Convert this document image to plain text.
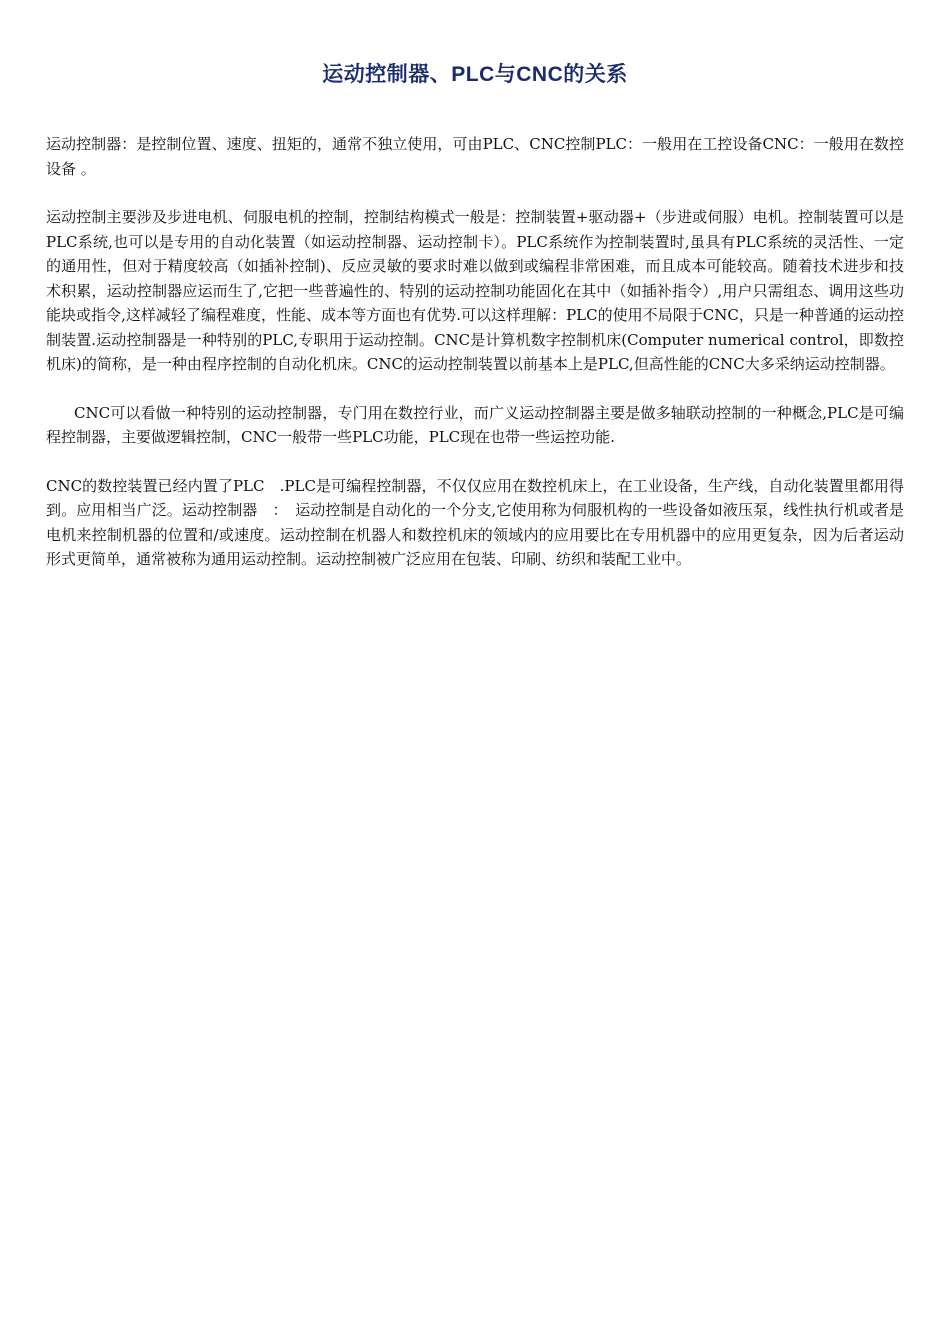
运动控制器、PLC与CNC的关系

运动控制器：是控制位置、速度、扭矩的，通常不独立使用，可由PLC、CNC控制PLC：一般用在工控设备CNC：一般用在数控设备 。

运动控制主要涉及步进电机、伺服电机的控制，控制结构模式一般是：控制装置+驱动器+（步进或伺服）电机。控制装置可以是PLC系统,也可以是专用的自动化装置（如运动控制器、运动控制卡）。PLC系统作为控制装置时,虽具有PLC系统的灵活性、一定的通用性，但对于精度较高（如插补控制)、反应灵敏的要求时难以做到或编程非常困难，而且成本可能较高。随着技术进步和技术积累，运动控制器应运而生了,它把一些普遍性的、特别的运动控制功能固化在其中（如插补指令）,用户只需组态、调用这些功能块或指令,这样减轻了编程难度，性能、成本等方面也有优势.可以这样理解：PLC的使用不局限于CNC，只是一种普通的运动控制装置.运动控制器是一种特别的PLC,专职用于运动控制。CNC是计算机数字控制机床(Computer numerical control，即数控机床)的简称，是一种由程序控制的自动化机床。CNC的运动控制装置以前基本上是PLC,但高性能的CNC大多采纳运动控制器。

CNC可以看做一种特别的运动控制器，专门用在数控行业，而广义运动控制器主要是做多轴联动控制的一种概念,PLC是可编程控制器，主要做逻辑控制，CNC一般带一些PLC功能，PLC现在也带一些运控功能.

CNC的数控装置已经内置了PLC　.PLC是可编程控制器，不仅仅应用在数控机床上，在工业设备，生产线，自动化装置里都用得到。应用相当广泛。运动控制器　：　运动控制是自动化的一个分支,它使用称为伺服机构的一些设备如液压泵，线性执行机或者是电机来控制机器的位置和/或速度。运动控制在机器人和数控机床的领域内的应用要比在专用机器中的应用更复杂，因为后者运动形式更简单，通常被称为通用运动控制。运动控制被广泛应用在包装、印刷、纺织和装配工业中。
